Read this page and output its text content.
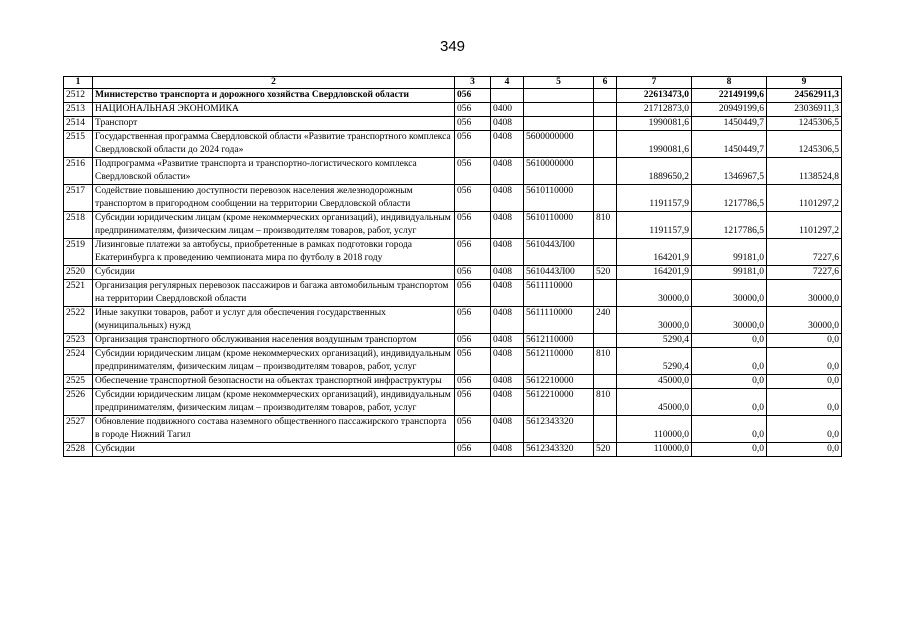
349
1	2	3	4	5	6	7	8	9
2512	Министерство транспорта и дорожного хозяйства Свердловской области	056				22613473,0	22149199,6	24562911,3
2513	НАЦИОНАЛЬНАЯ ЭКОНОМИКА	056	0400			21712873,0	20949199,6	23036911,3
2514	Транспорт	056	0408			1990081,6	1450449,7	1245306,5
2515	Государственная программа Свердловской области «Развитие транспортного комплекса Свердловской области до 2024 года»	056	0408	5600000000		1990081,6	1450449,7	1245306,5
2516	Подпрограмма «Развитие транспорта и транспортно-логистического комплекса Свердловской области»	056	0408	5610000000		1889650,2	1346967,5	1138524,8
2517	Содействие повышению доступности перевозок населения железнодорожным транспортом в пригородном сообщении на территории Свердловской области	056	0408	5610110000		1191157,9	1217786,5	1101297,2
2518	Субсидии юридическим лицам (кроме некоммерческих организаций), индивидуальным предпринимателям, физическим лицам – производителям товаров, работ, услуг	056	0408	5610110000	810	1191157,9	1217786,5	1101297,2
2519	Лизинговые платежи за автобусы, приобретенные в рамках подготовки города Екатеринбурга к проведению чемпионата мира по футболу в 2018 году	056	0408	561044ЗЛ00		164201,9	99181,0	7227,6
2520	Субсидии	056	0408	561044ЗЛ00	520	164201,9	99181,0	7227,6
2521	Организация регулярных перевозок пассажиров и багажа автомобильным транспортом на территории Свердловской области	056	0408	5611110000		30000,0	30000,0	30000,0
2522	Иные закупки товаров, работ и услуг для обеспечения государственных (муниципальных) нужд	056	0408	5611110000	240	30000,0	30000,0	30000,0
2523	Организация транспортного обслуживания населения воздушным транспортом	056	0408	5612110000		5290,4	0,0	0,0
2524	Субсидии юридическим лицам (кроме некоммерческих организаций), индивидуальным предпринимателям, физическим лицам – производителям товаров, работ, услуг	056	0408	5612110000	810	5290,4	0,0	0,0
2525	Обеспечение транспортной безопасности на объектах транспортной инфраструктуры	056	0408	5612210000		45000,0	0,0	0,0
2526	Субсидии юридическим лицам (кроме некоммерческих организаций), индивидуальным предпринимателям, физическим лицам – производителям товаров, работ, услуг	056	0408	5612210000	810	45000,0	0,0	0,0
2527	Обновление подвижного состава наземного общественного пассажирского транспорта в городе Нижний Тагил	056	0408	5612343320		110000,0	0,0	0,0
2528	Субсидии	056	0408	5612343320	520	110000,0	0,0	0,0
